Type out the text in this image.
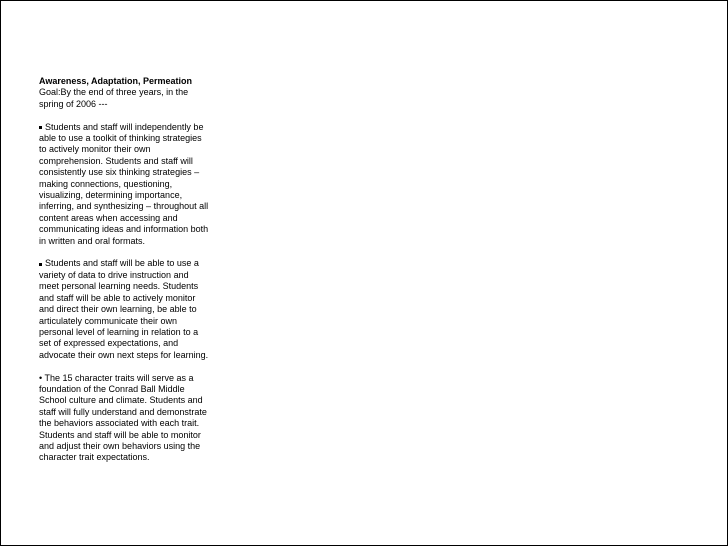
Awareness, Adaptation, Permeation

Goal:By the end of three years, in the spring of 2006 ---

Students and staff will independently be able to use a toolkit of thinking strategies to actively monitor their own comprehension. Students and staff will consistently use six thinking strategies – making connections, questioning, visualizing, determining importance, inferring, and synthesizing – throughout all content areas when accessing and communicating ideas and information both in written and oral formats.

Students and staff will be able to use a variety of data to drive instruction and meet personal learning needs. Students and staff will be able to actively monitor and direct their own learning, be able to articulately communicate their own personal level of learning in relation to a set of expressed expectations, and advocate their own next steps for learning.

• The 15 character traits will serve as a foundation of the Conrad Ball Middle School culture and climate. Students and staff will fully understand and demonstrate the behaviors associated with each trait. Students and staff will be able to monitor and adjust their own behaviors using the character trait expectations.
